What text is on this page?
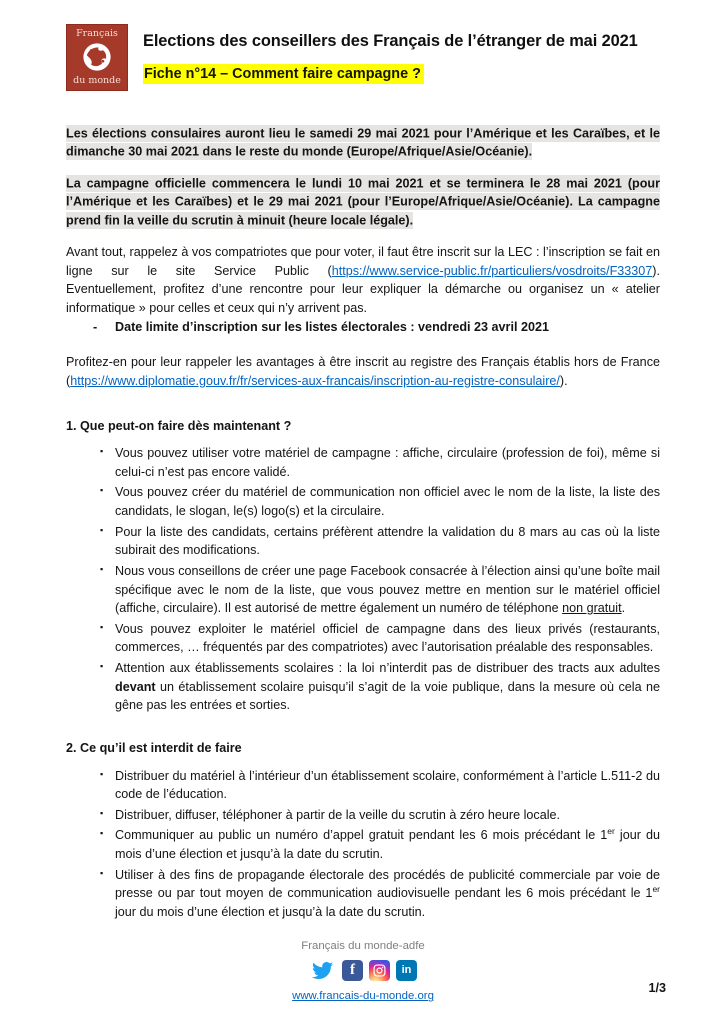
Français
du monde
Elections des conseillers des Français de l’étranger de mai 2021
Fiche n°14 – Comment faire campagne ?

Les élections consulaires auront lieu le samedi 29 mai 2021 pour l’Amérique et les Caraïbes, et le dimanche 30 mai 2021 dans le reste du monde (Europe/Afrique/Asie/Océanie).

La campagne officielle commencera le lundi 10 mai 2021 et se terminera le 28 mai 2021 (pour l’Amérique et les Caraïbes) et le 29 mai 2021 (pour l’Europe/Afrique/Asie/Océanie). La campagne prend fin la veille du scrutin à minuit (heure locale légale).

Avant tout, rappelez à vos compatriotes que pour voter, il faut être inscrit sur la LEC : l’inscription se fait en ligne sur le site Service Public (https://www.service-public.fr/particuliers/vosdroits/F33307). Eventuellement, profitez d’une rencontre pour leur expliquer la démarche ou organisez un « atelier informatique » pour celles et ceux qui n’y arrivent pas.

- Date limite d’inscription sur les listes électorales : vendredi 23 avril 2021

Profitez-en pour leur rappeler les avantages à être inscrit au registre des Français établis hors de France (https://www.diplomatie.gouv.fr/fr/services-aux-francais/inscription-au-registre-consulaire/).

1. Que peut-on faire dès maintenant ?
▪ Vous pouvez utiliser votre matériel de campagne : affiche, circulaire (profession de foi), même si celui-ci n’est pas encore validé.
▪ Vous pouvez créer du matériel de communication non officiel avec le nom de la liste, la liste des candidats, le slogan, le(s) logo(s) et la circulaire.
▪ Pour la liste des candidats, certains préfèrent attendre la validation du 8 mars au cas où la liste subirait des modifications.
▪ Nous vous conseillons de créer une page Facebook consacrée à l’élection ainsi qu’une boîte mail spécifique avec le nom de la liste, que vous pouvez mettre en mention sur le matériel officiel (affiche, circulaire). Il est autorisé de mettre également un numéro de téléphone non gratuit.
▪ Vous pouvez exploiter le matériel officiel de campagne dans des lieux privés (restaurants, commerces, … fréquentés par des compatriotes) avec l’autorisation préalable des responsables.
▪ Attention aux établissements scolaires : la loi n’interdit pas de distribuer des tracts aux adultes devant un établissement scolaire puisqu’il s’agit de la voie publique, dans la mesure où cela ne gêne pas les entrées et sorties.
2. Ce qu’il est interdit de faire
▪ Distribuer du matériel à l’intérieur d’un établissement scolaire, conformément à l’article L.511-2 du code de l’éducation.
▪ Distribuer, diffuser, téléphoner à partir de la veille du scrutin à zéro heure locale.
▪ Communiquer au public un numéro d’appel gratuit pendant les 6 mois précédant le 1er jour du mois d’une élection et jusqu’à la date du scrutin.
▪ Utiliser à des fins de propagande électorale des procédés de publicité commerciale par voie de presse ou par tout moyen de communication audiovisuelle pendant les 6 mois précédant le 1er jour du mois d’une élection et jusqu’à la date du scrutin.
Français du monde-adfe
f	in
www.francais-du-monde.org
1/3
